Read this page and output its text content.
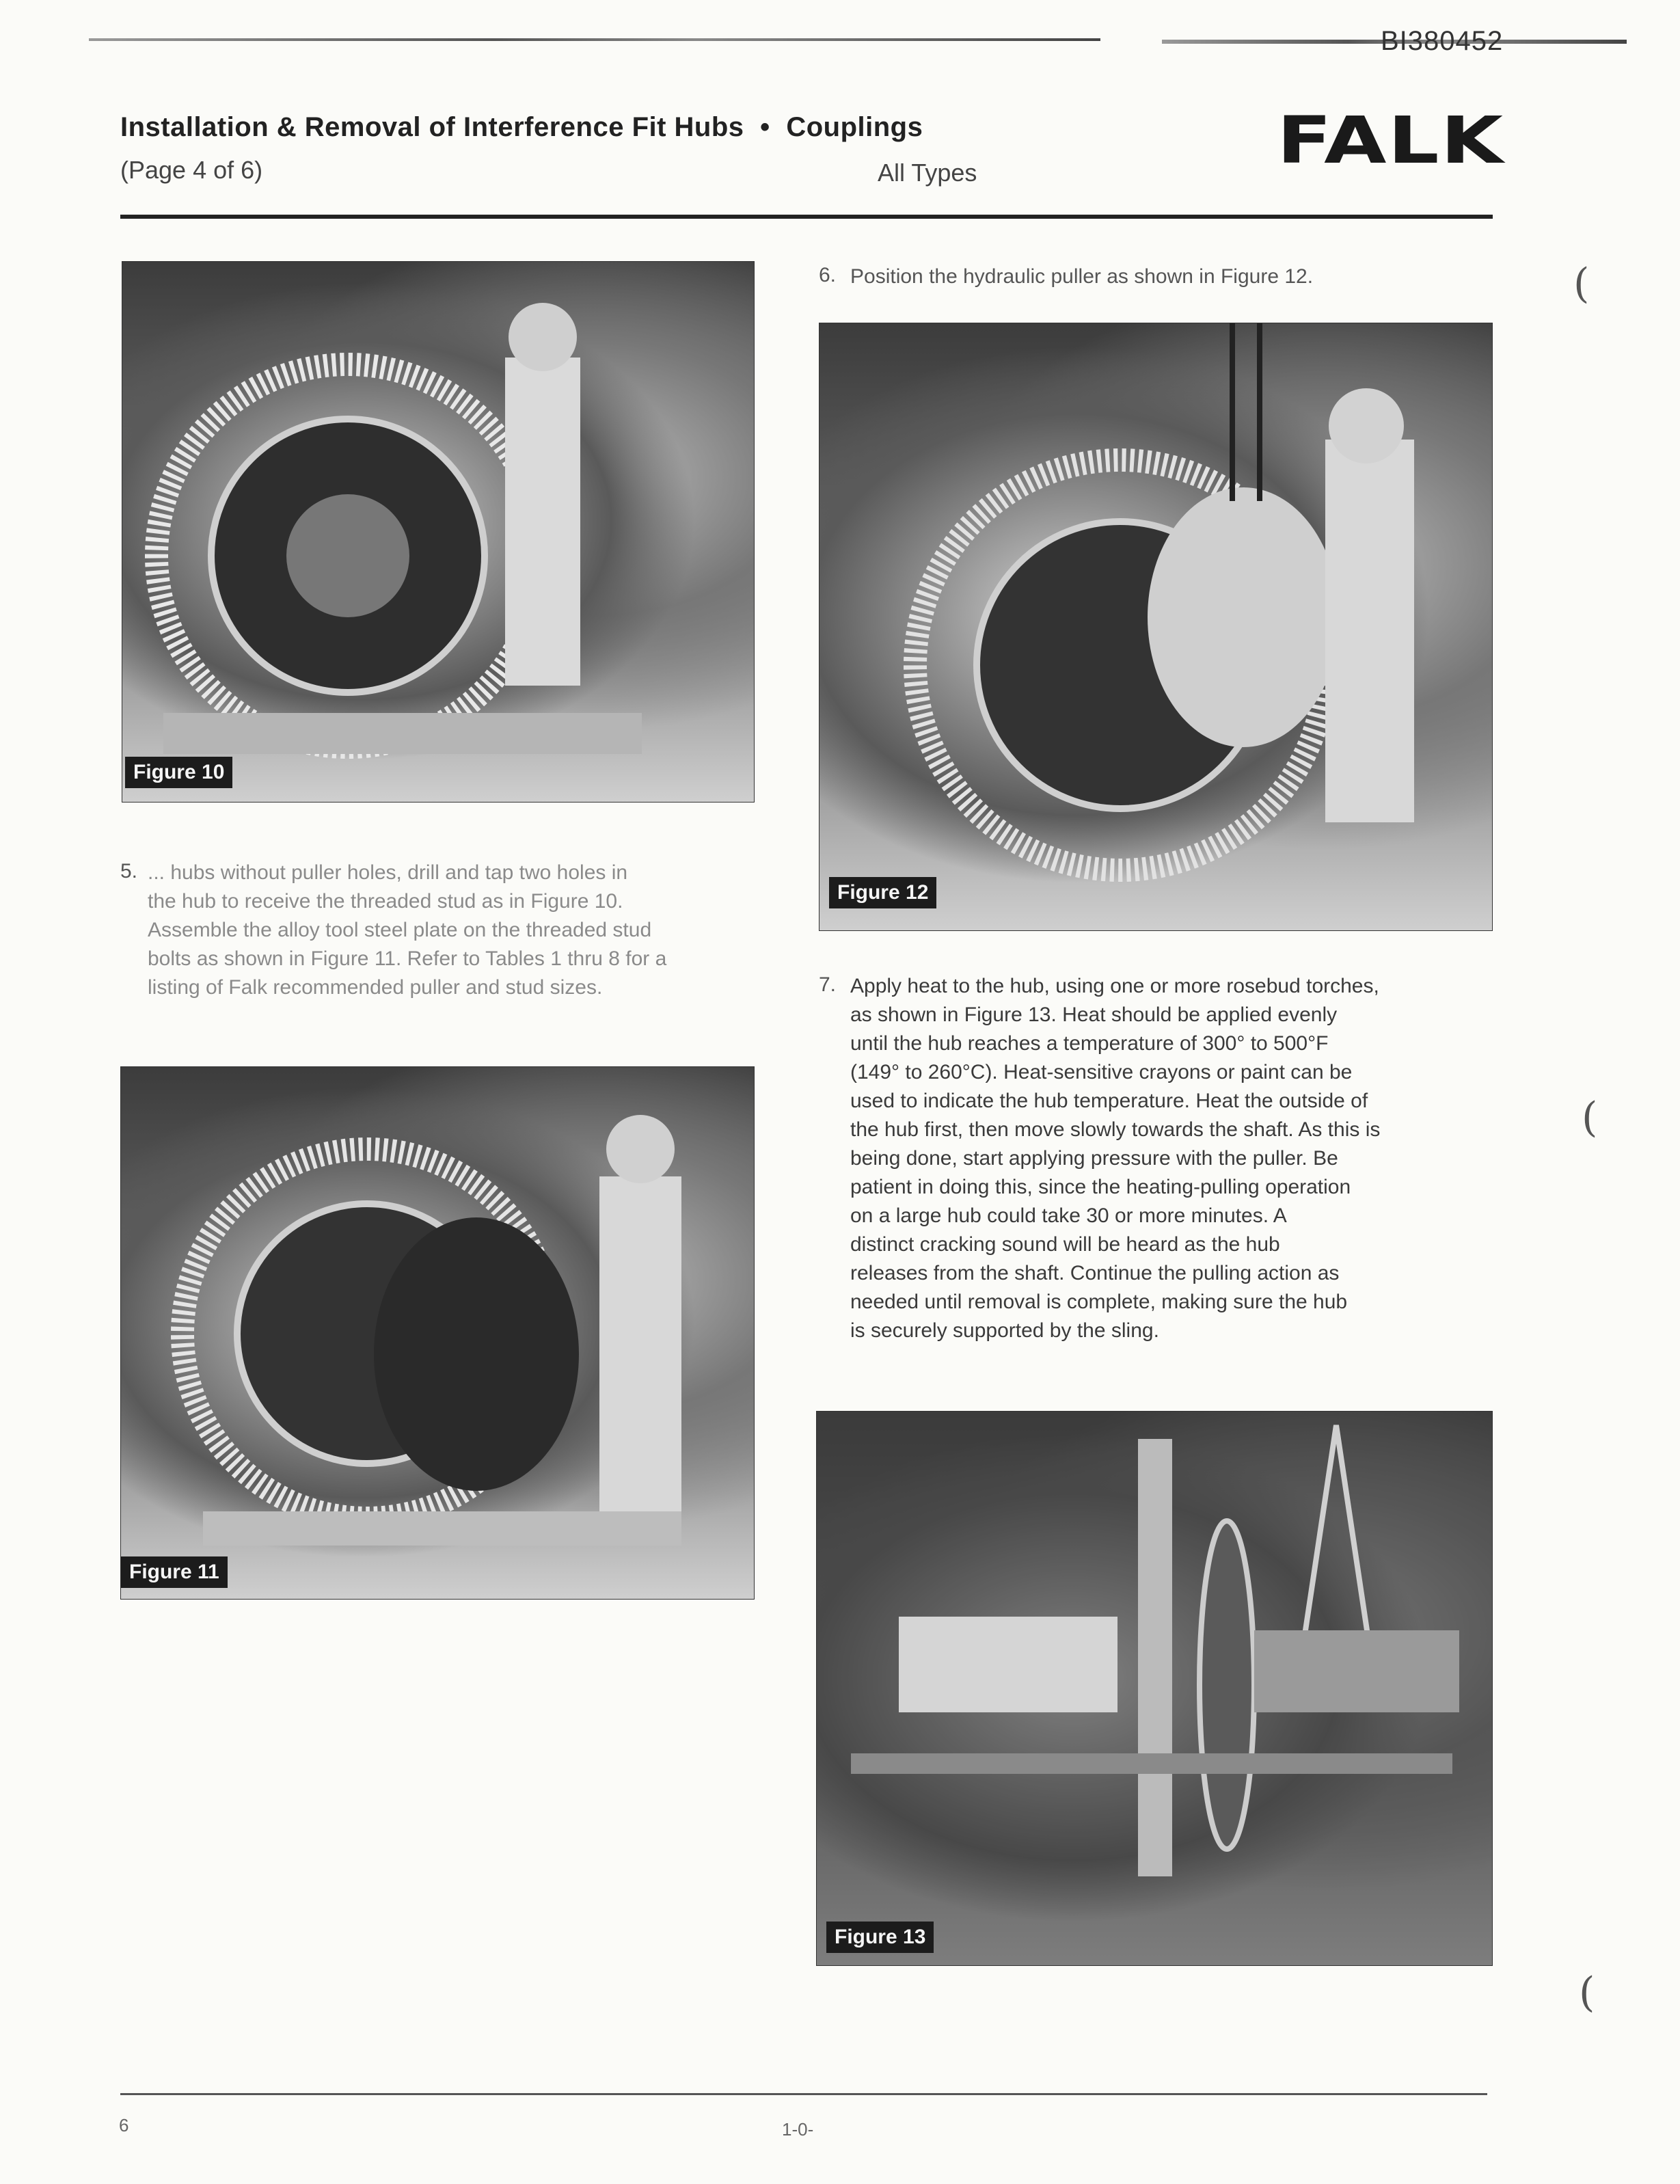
BI380452
Installation & Removal of Interference Fit Hubs • Couplings
(Page 4 of 6)	All Types	FALK
Figure 10
5. ... hubs without puller holes, drill and tap two holes in
the hub to receive the threaded stud as in Figure 10.
Assemble the alloy tool steel plate on the threaded stud
bolts as shown in Figure 11. Refer to Tables 1 thru 8 for a
listing of Falk recommended puller and stud sizes.
Figure 11
6. Position the hydraulic puller as shown in Figure 12.
Figure 12
7. Apply heat to the hub, using one or more rosebud torches,
as shown in Figure 13. Heat should be applied evenly
until the hub reaches a temperature of 300° to 500°F
(149° to 260°C). Heat-sensitive crayons or paint can be
used to indicate the hub temperature. Heat the outside of
the hub first, then move slowly towards the shaft. As this is
being done, start applying pressure with the puller. Be
patient in doing this, since the heating-pulling operation
on a large hub could take 30 or more minutes. A
distinct cracking sound will be heard as the hub
releases from the shaft. Continue the pulling action as
needed until removal is complete, making sure the hub
is securely supported by the sling.
Figure 13
(
(
(
6	1-0-
